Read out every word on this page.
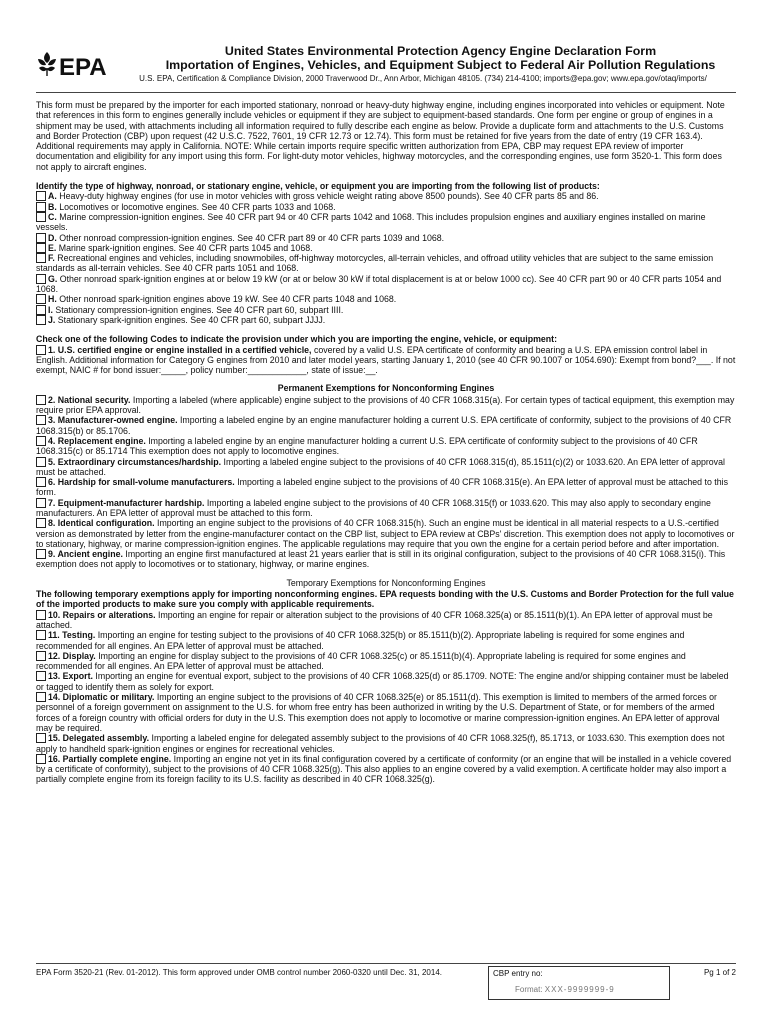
EPA
United States Environmental Protection Agency Engine Declaration Form
Importation of Engines, Vehicles, and Equipment Subject to Federal Air Pollution Regulations
U.S. EPA, Certification & Compliance Division, 2000 Traverwood Dr., Ann Arbor, Michigan 48105. (734) 214-4100; imports@epa.gov; www.epa.gov/otaq/imports/
This form must be prepared by the importer for each imported stationary, nonroad or heavy-duty highway engine, including engines incorporated into vehicles or equipment. Note that references in this form to engines generally include vehicles or equipment if they are subject to equipment-based standards. One form per engine or group of engines in a shipment may be used, with attachments including all information required to fully describe each engine as below. Provide a duplicate form and attachments to the U.S. Customs and Border Protection (CBP) upon request (42 U.S.C. 7522, 7601, 19 CFR 12.73 or 12.74). This form must be retained for five years from the date of entry (19 CFR 163.4). Additional requirements may apply in California. NOTE: While certain imports require specific written authorization from EPA, CBP may request EPA review of importer documentation and eligibility for any import using this form. For light-duty motor vehicles, highway motorcycles, and the corresponding engines, use form 3520-1. This form does not apply to aircraft engines.
Identify the type of highway, nonroad, or stationary engine, vehicle, or equipment you are importing from the following list of products:
A. Heavy-duty highway engines (for use in motor vehicles with gross vehicle weight rating above 8500 pounds). See 40 CFR parts 85 and 86.
B. Locomotives or locomotive engines. See 40 CFR parts 1033 and 1068.
C. Marine compression-ignition engines. See 40 CFR part 94 or 40 CFR parts 1042 and 1068. This includes propulsion engines and auxiliary engines installed on marine vessels.
D. Other nonroad compression-ignition engines. See 40 CFR part 89 or 40 CFR parts 1039 and 1068.
E. Marine spark-ignition engines. See 40 CFR parts 1045 and 1068.
F. Recreational engines and vehicles, including snowmobiles, off-highway motorcycles, all-terrain vehicles, and offroad utility vehicles that are subject to the same emission standards as all-terrain vehicles. See 40 CFR parts 1051 and 1068.
G. Other nonroad spark-ignition engines at or below 19 kW (or at or below 30 kW if total displacement is at or below 1000 cc). See 40 CFR part 90 or 40 CFR parts 1054 and 1068.
H. Other nonroad spark-ignition engines above 19 kW. See 40 CFR parts 1048 and 1068.
I. Stationary compression-ignition engines. See 40 CFR part 60, subpart IIII.
J. Stationary spark-ignition engines. See 40 CFR part 60, subpart JJJJ.
Check one of the following Codes to indicate the provision under which you are importing the engine, vehicle, or equipment:
1. U.S. certified engine or engine installed in a certified vehicle, covered by a valid U.S. EPA certificate of conformity and bearing a U.S. EPA emission control label in English. Additional information for Category G engines from 2010 and later model years, starting January 1, 2010 (see 40 CFR 90.1007 or 1054.690): Exempt from bond?___. If not exempt, NAIC # for bond issuer:_____, policy number:____________, state of issue:__.
Permanent Exemptions for Nonconforming Engines
2. National security. Importing a labeled (where applicable) engine subject to the provisions of 40 CFR 1068.315(a). For certain types of tactical equipment, this exemption may require prior EPA approval.
3. Manufacturer-owned engine. Importing a labeled engine by an engine manufacturer holding a current U.S. EPA certificate of conformity, subject to the provisions of 40 CFR 1068.315(b) or 85.1706.
4. Replacement engine. Importing a labeled engine by an engine manufacturer holding a current U.S. EPA certificate of conformity subject to the provisions of 40 CFR 1068.315(c) or 85.1714 This exemption does not apply to locomotive engines.
5. Extraordinary circumstances/hardship. Importing a labeled engine subject to the provisions of 40 CFR 1068.315(d), 85.1511(c)(2) or 1033.620. An EPA letter of approval must be attached.
6. Hardship for small-volume manufacturers. Importing a labeled engine subject to the provisions of 40 CFR 1068.315(e). An EPA letter of approval must be attached to this form.
7. Equipment-manufacturer hardship. Importing a labeled engine subject to the provisions of 40 CFR 1068.315(f) or 1033.620. This may also apply to secondary engine manufacturers. An EPA letter of approval must be attached to this form.
8. Identical configuration. Importing an engine subject to the provisions of 40 CFR 1068.315(h). Such an engine must be identical in all material respects to a U.S.-certified version as demonstrated by letter from the engine-manufacturer contact on the CBP list, subject to EPA review at CBPs' discretion. This exemption does not apply to locomotives or to stationary, highway, or marine compression-ignition engines. The applicable regulations may require that you own the engine for a certain period before and after importation.
9. Ancient engine. Importing an engine first manufactured at least 21 years earlier that is still in its original configuration, subject to the provisions of 40 CFR 1068.315(i). This exemption does not apply to locomotives or to stationary, highway, or marine engines.
Temporary Exemptions for Nonconforming Engines
The following temporary exemptions apply for importing nonconforming engines. EPA requests bonding with the U.S. Customs and Border Protection for the full value of the imported products to make sure you comply with applicable requirements.
10. Repairs or alterations. Importing an engine for repair or alteration subject to the provisions of 40 CFR 1068.325(a) or 85.1511(b)(1). An EPA letter of approval must be attached.
11. Testing. Importing an engine for testing subject to the provisions of 40 CFR 1068.325(b) or 85.1511(b)(2). Appropriate labeling is required for some engines and recommended for all engines. An EPA letter of approval must be attached.
12. Display. Importing an engine for display subject to the provisions of 40 CFR 1068.325(c) or 85.1511(b)(4). Appropriate labeling is required for some engines and recommended for all engines. An EPA letter of approval must be attached.
13. Export. Importing an engine for eventual export, subject to the provisions of 40 CFR 1068.325(d) or 85.1709. NOTE: The engine and/or shipping container must be labeled or tagged to identify them as solely for export.
14. Diplomatic or military. Importing an engine subject to the provisions of 40 CFR 1068.325(e) or 85.1511(d). This exemption is limited to members of the armed forces or personnel of a foreign government on assignment to the U.S. for whom free entry has been authorized in writing by the U.S. Department of State, or for members of the armed forces of a foreign country with official orders for duty in the U.S. This exemption does not apply to locomotive or marine compression-ignition engines. An EPA letter of approval may be required.
15. Delegated assembly. Importing a labeled engine for delegated assembly subject to the provisions of 40 CFR 1068.325(f), 85.1713, or 1033.630. This exemption does not apply to handheld spark-ignition engines or engines for recreational vehicles.
16. Partially complete engine. Importing an engine not yet in its final configuration covered by a certificate of conformity (or an engine that will be installed in a vehicle covered by a certificate of conformity), subject to the provisions of 40 CFR 1068.325(g). This also applies to an engine covered by a valid exemption. A certificate holder may also import a partially complete engine from its foreign facility to its U.S. facility as described in 40 CFR 1068.325(g).
EPA Form 3520-21 (Rev. 01-2012). This form approved under OMB control number 2060-0320 until Dec. 31, 2014.	CBP entry no:
Format: XXX-9999999-9
Pg 1 of 2
